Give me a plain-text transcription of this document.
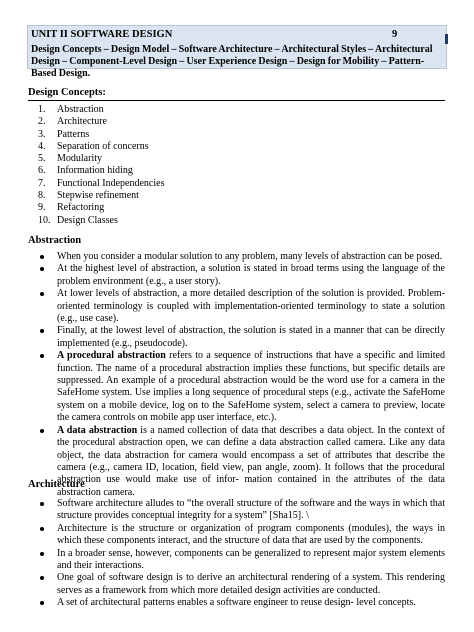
UNIT II SOFTWARE DESIGN	9
Design Concepts – Design Model – Software Architecture – Architectural Styles – Architectural Design – Component-Level Design – User Experience Design – Design for Mobility – Pattern- Based Design.
Design Concepts:
1. Abstraction
2. Architecture
3. Patterns
4. Separation of concerns
5. Modularity
6. Information hiding
7. Functional Independencies
8. Stepwise refinement
9. Refactoring
10. Design Classes
Abstraction
When you consider a modular solution to any problem, many levels of abstraction can be posed.
At the highest level of abstraction, a solution is stated in broad terms using the language of the problem environment (e.g., a user story).
At lower levels of abstraction, a more detailed description of the solution is provided. Problem-oriented terminology is coupled with implementation-oriented terminology to state a solution (e.g., use case).
Finally, at the lowest level of abstraction, the solution is stated in a manner that can be directly implemented (e.g., pseudocode).
A procedural abstraction refers to a sequence of instructions that have a specific and limited function. The name of a procedural abstraction implies these functions, but specific details are suppressed. An example of a procedural abstraction would be the word use for a camera in the SafeHome system. Use implies a long sequence of procedural steps (e.g., activate the SafeHome system on a mobile device, log on to the SafeHome system, select a camera to preview, locate the camera controls on mobile app user interface, etc.).
A data abstraction is a named collection of data that describes a data object. In the context of the procedural abstraction open, we can define a data abstraction called camera. Like any data object, the data abstraction for camera would encompass a set of attributes that describe the camera (e.g., camera ID, location, field view, pan angle, zoom). It follows that the procedural abstraction use would make use of infor- mation contained in the attributes of the data abstraction camera.
Architecture
Software architecture alludes to “the overall structure of the software and the ways in which that structure provides conceptual integrity for a system” [Sha15]. \
Architecture is the structure or organization of program components (modules), the ways in which these components interact, and the structure of data that are used by the components.
In a broader sense, however, components can be generalized to represent major system elements and their interactions.
One goal of software design is to derive an architectural rendering of a system. This rendering serves as a framework from which more detailed design activities are conducted.
A set of architectural patterns enables a software engineer to reuse design- level concepts.
